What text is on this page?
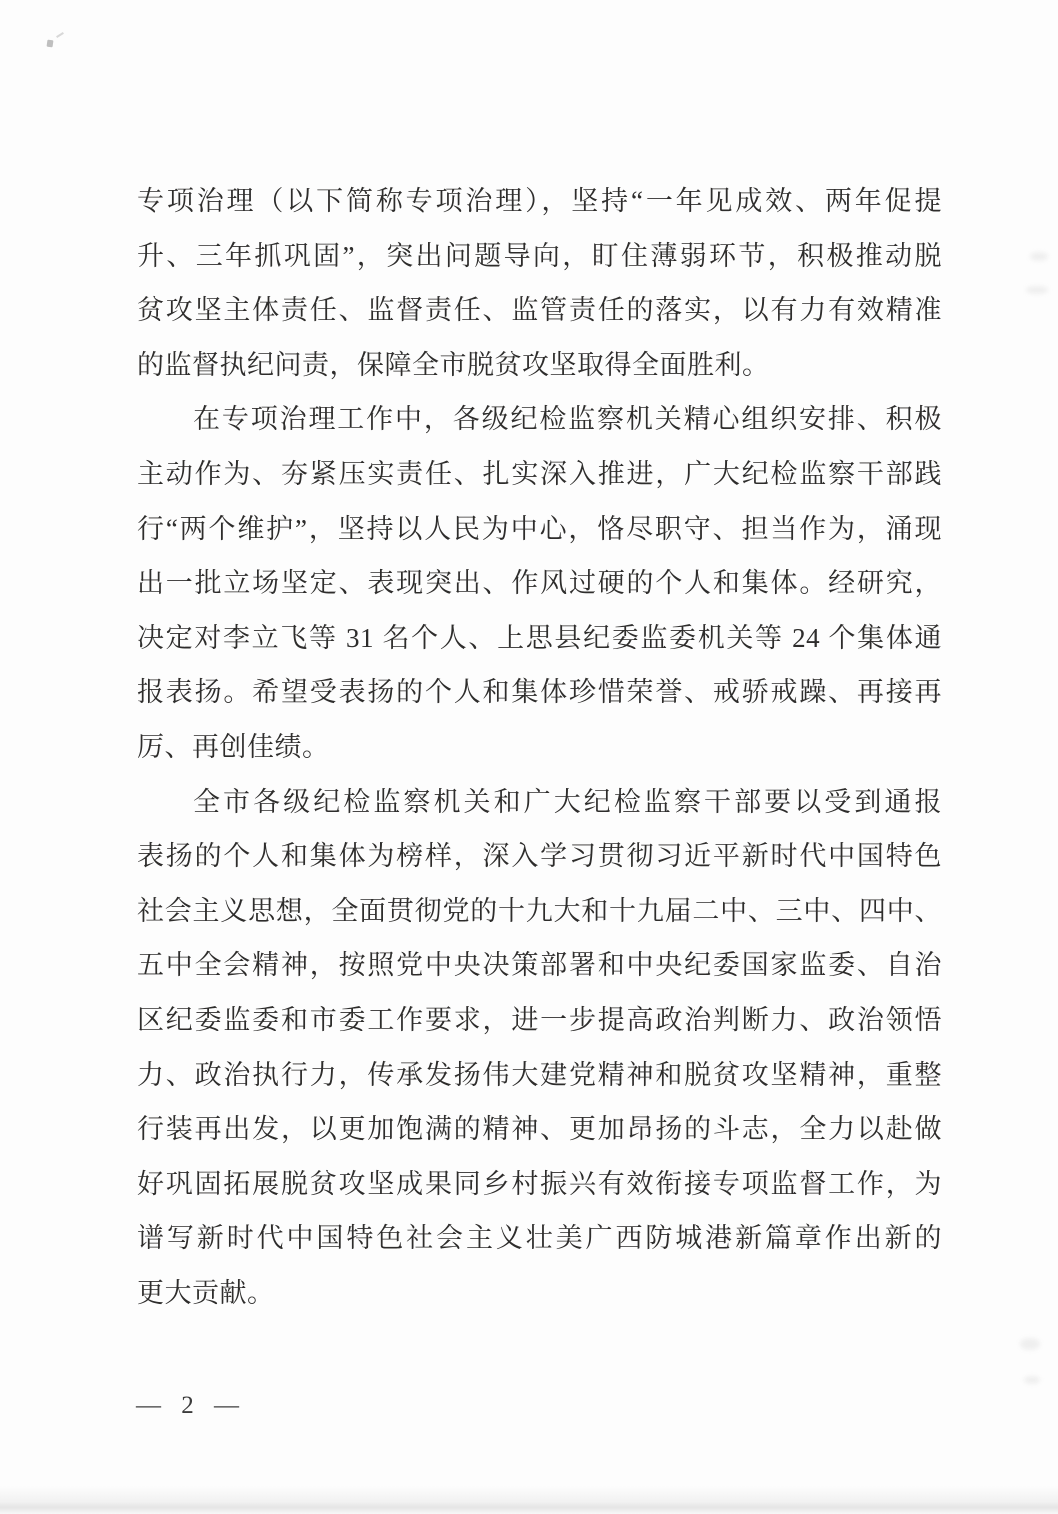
专项治理（以下简称专项治理），坚持“一年见成效、两年促提
升、三年抓巩固”，突出问题导向，盯住薄弱环节，积极推动脱
贫攻坚主体责任、监督责任、监管责任的落实，以有力有效精准
的监督执纪问责，保障全市脱贫攻坚取得全面胜利。
在专项治理工作中，各级纪检监察机关精心组织安排、积极
主动作为、夯紧压实责任、扎实深入推进，广大纪检监察干部践
行“两个维护”，坚持以人民为中心，恪尽职守、担当作为，涌现
出一批立场坚定、表现突出、作风过硬的个人和集体。经研究，
决定对李立飞等 31 名个人、上思县纪委监委机关等 24 个集体通
报表扬。希望受表扬的个人和集体珍惜荣誉、戒骄戒躁、再接再
厉、再创佳绩。
全市各级纪检监察机关和广大纪检监察干部要以受到通报
表扬的个人和集体为榜样，深入学习贯彻习近平新时代中国特色
社会主义思想，全面贯彻党的十九大和十九届二中、三中、四中、
五中全会精神，按照党中央决策部署和中央纪委国家监委、自治
区纪委监委和市委工作要求，进一步提高政治判断力、政治领悟
力、政治执行力，传承发扬伟大建党精神和脱贫攻坚精神，重整
行装再出发，以更加饱满的精神、更加昂扬的斗志，全力以赴做
好巩固拓展脱贫攻坚成果同乡村振兴有效衔接专项监督工作，为
谱写新时代中国特色社会主义壮美广西防城港新篇章作出新的
更大贡献。
— 2 —
